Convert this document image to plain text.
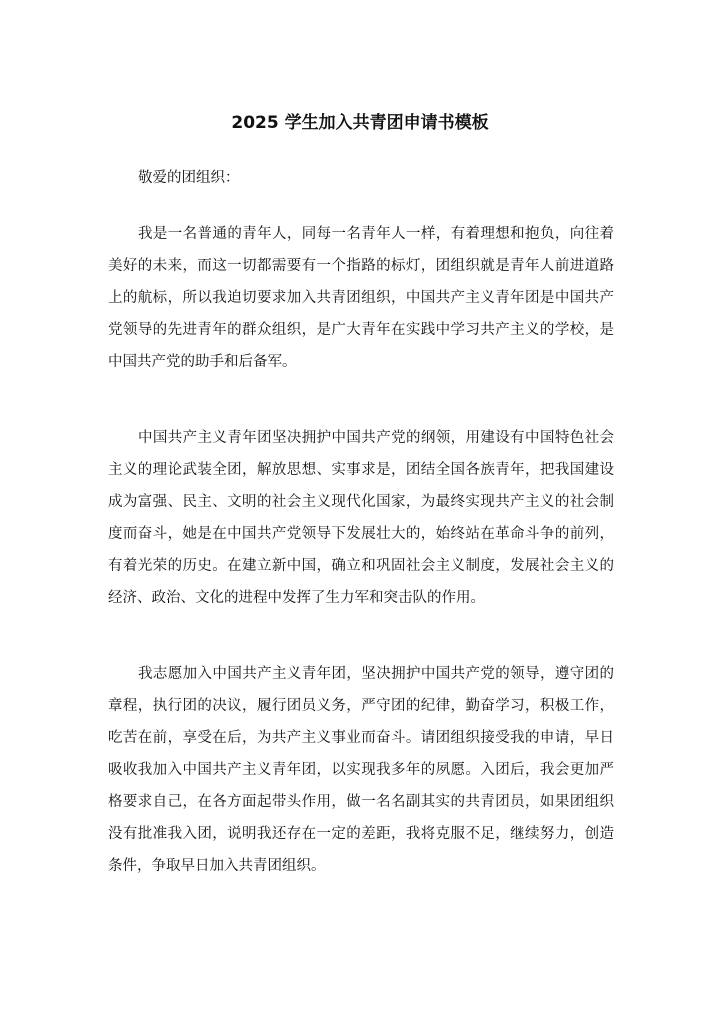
2025 学生加入共青团申请书模板

敬爱的团组织：

我是一名普通的青年人，同每一名青年人一样，有着理想和抱负，向往着美好的未来，而这一切都需要有一个指路的标灯，团组织就是青年人前进道路上的航标，所以我迫切要求加入共青团组织，中国共产主义青年团是中国共产党领导的先进青年的群众组织，是广大青年在实践中学习共产主义的学校，是中国共产党的助手和后备军。

中国共产主义青年团坚决拥护中国共产党的纲领，用建设有中国特色社会主义的理论武装全团，解放思想、实事求是，团结全国各族青年，把我国建设成为富强、民主、文明的社会主义现代化国家，为最终实现共产主义的社会制度而奋斗，她是在中国共产党领导下发展壮大的，始终站在革命斗争的前列，有着光荣的历史。在建立新中国，确立和巩固社会主义制度，发展社会主义的经济、政治、文化的进程中发挥了生力军和突击队的作用。

我志愿加入中国共产主义青年团，坚决拥护中国共产党的领导，遵守团的章程，执行团的决议，履行团员义务，严守团的纪律，勤奋学习，积极工作，吃苦在前，享受在后，为共产主义事业而奋斗。请团组织接受我的申请，早日吸收我加入中国共产主义青年团，以实现我多年的夙愿。入团后，我会更加严格要求自己，在各方面起带头作用，做一名名副其实的共青团员，如果团组织没有批准我入团，说明我还存在一定的差距，我将克服不足，继续努力，创造条件，争取早日加入共青团组织。
